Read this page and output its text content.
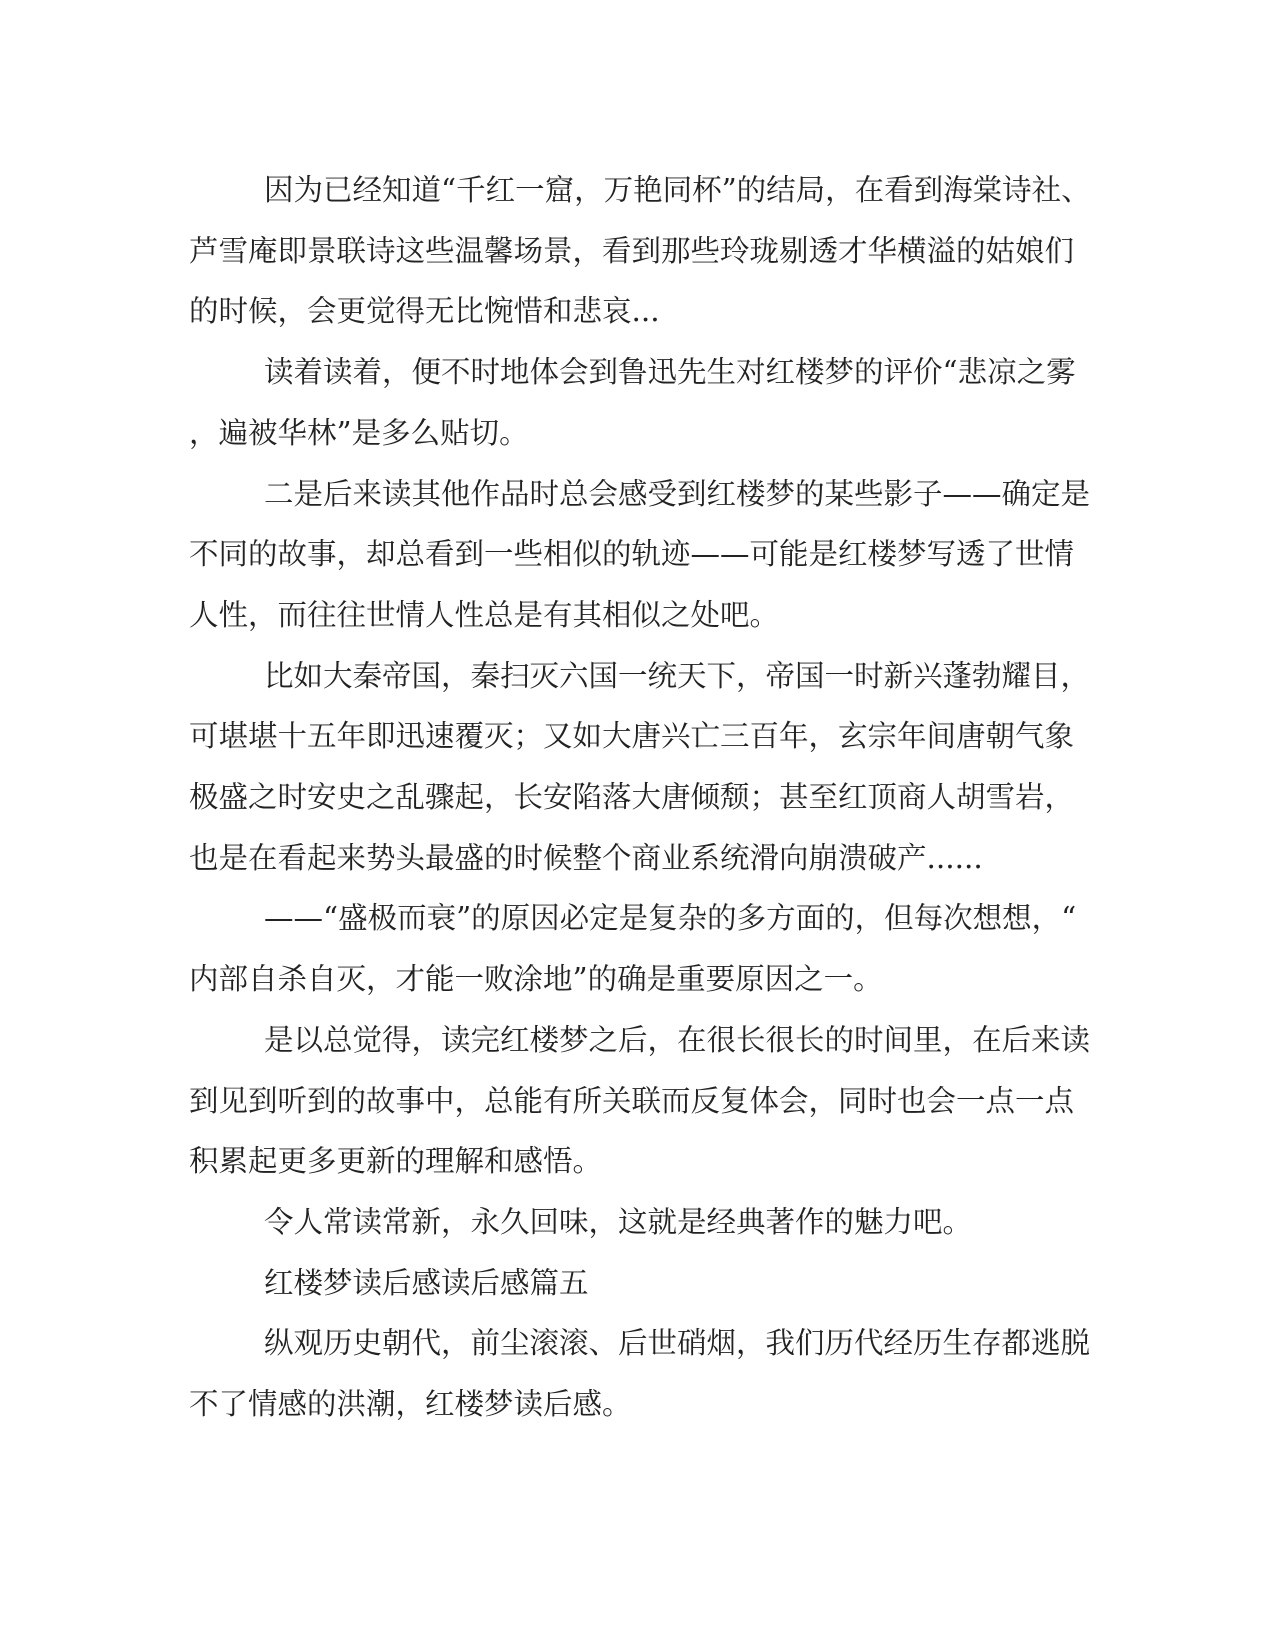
因为已经知道“千红一窟，万艳同杯”的结局，在看到海棠诗社、
芦雪庵即景联诗这些温馨场景，看到那些玲珑剔透才华横溢的姑娘们
的时候，会更觉得无比惋惜和悲哀...

读着读着，便不时地体会到鲁迅先生对红楼梦的评价“悲凉之雾
，遍被华林”是多么贴切。

二是后来读其他作品时总会感受到红楼梦的某些影子——确定是
不同的故事，却总看到一些相似的轨迹——可能是红楼梦写透了世情
人性，而往往世情人性总是有其相似之处吧。

比如大秦帝国，秦扫灭六国一统天下，帝国一时新兴蓬勃耀目，
可堪堪十五年即迅速覆灭；又如大唐兴亡三百年，玄宗年间唐朝气象
极盛之时安史之乱骤起，长安陷落大唐倾颓；甚至红顶商人胡雪岩，
也是在看起来势头最盛的时候整个商业系统滑向崩溃破产......

——“盛极而衰”的原因必定是复杂的多方面的，但每次想想，“
内部自杀自灭，才能一败涂地”的确是重要原因之一。

是以总觉得，读完红楼梦之后，在很长很长的时间里，在后来读
到见到听到的故事中，总能有所关联而反复体会，同时也会一点一点
积累起更多更新的理解和感悟。

令人常读常新，永久回味，这就是经典著作的魅力吧。

红楼梦读后感读后感篇五

纵观历史朝代，前尘滚滚、后世硝烟，我们历代经历生存都逃脱
不了情感的洪潮，红楼梦读后感。
